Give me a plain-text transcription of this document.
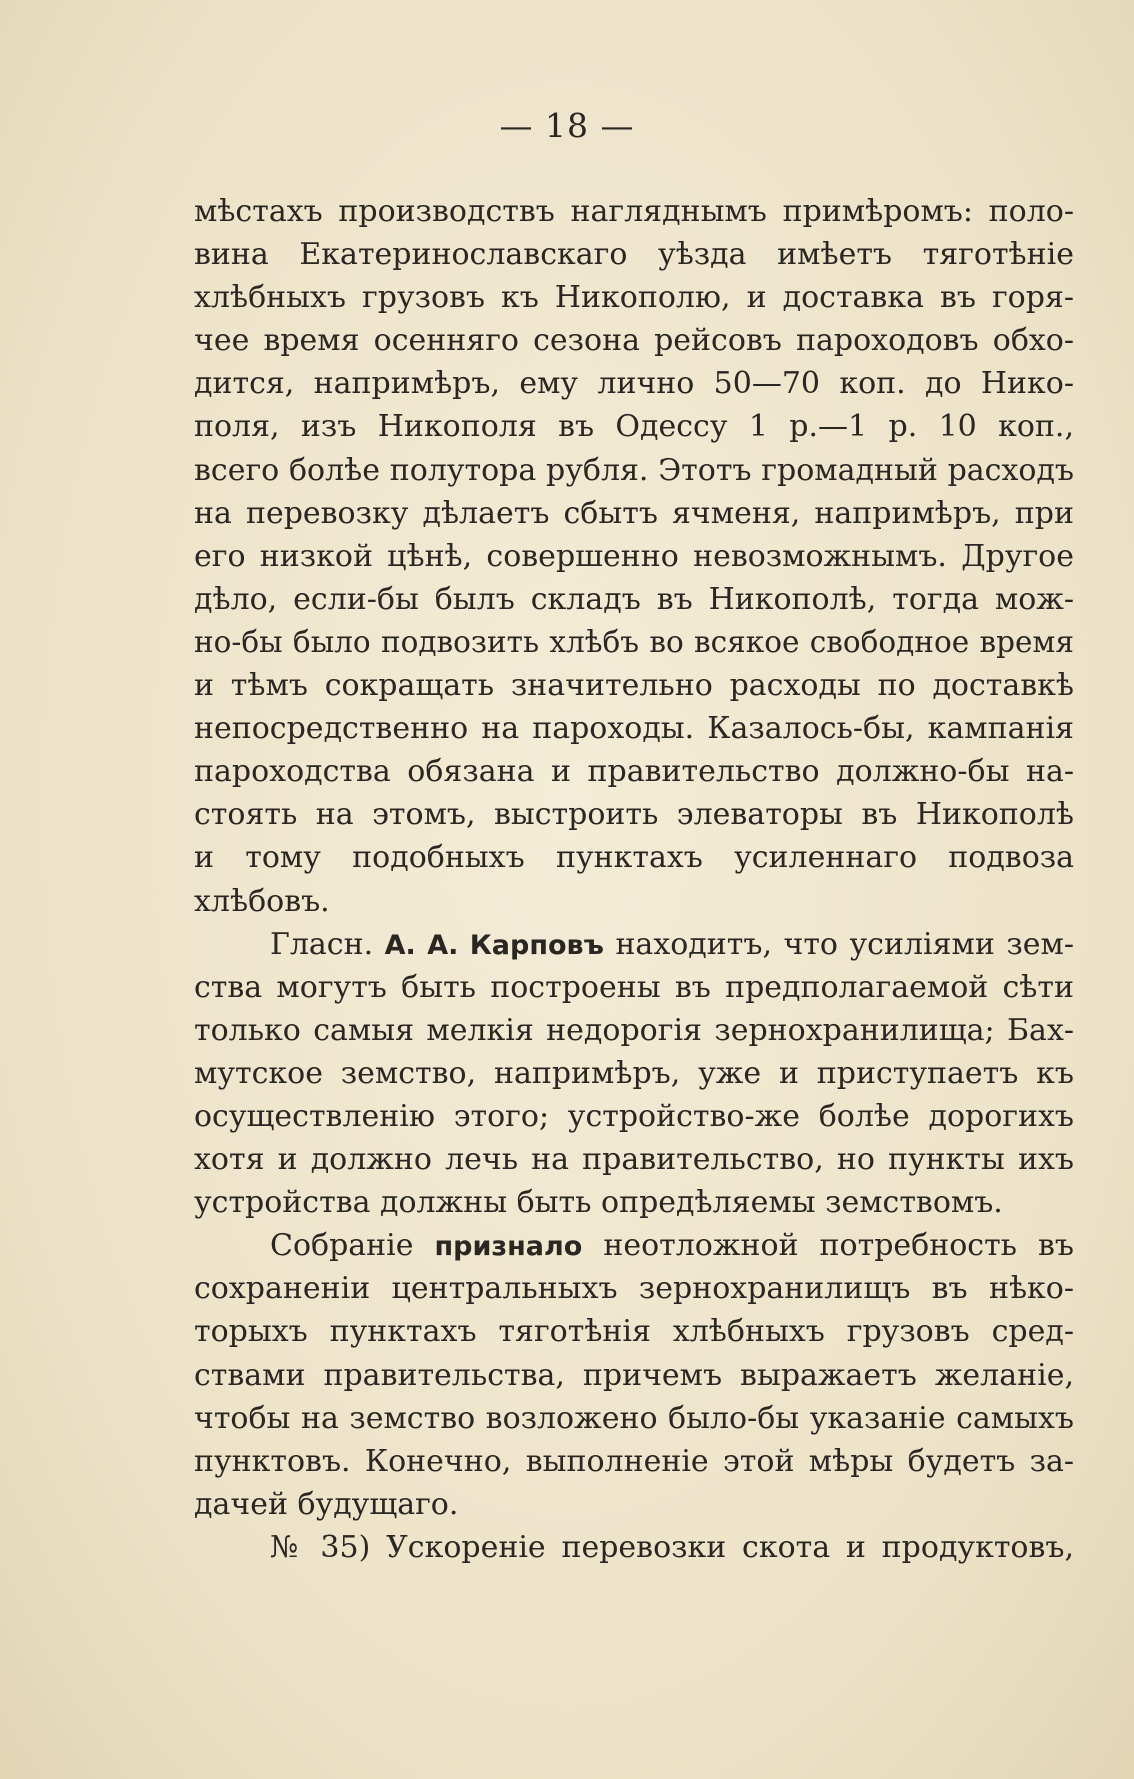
— 18 —
мѣстахъ производствъ нагляднымъ примѣромъ: поло-
вина Екатеринославскаго уѣзда имѣетъ тяготѣніе
хлѣбныхъ грузовъ къ Никополю, и доставка въ горя-
чее время осенняго сезона рейсовъ пароходовъ обхо-
дится, напримѣръ, ему лично 50—70 коп. до Нико-
поля, изъ Никополя въ Одессу 1 р.—1 р. 10 коп.,
всего болѣе полутора рубля. Этотъ громадный расходъ
на перевозку дѣлаетъ сбытъ ячменя, напримѣръ, при
его низкой цѣнѣ, совершенно невозможнымъ. Другое
дѣло, если-бы былъ складъ въ Никополѣ, тогда мож-
но-бы было подвозить хлѣбъ во всякое свободное время
и тѣмъ сокращать значительно расходы по доставкѣ
непосредственно на пароходы. Казалось-бы, кампанія
пароходства обязана и правительство должно-бы на-
стоять на этомъ, выстроить элеваторы въ Никополѣ
и тому подобныхъ пунктахъ усиленнаго подвоза
хлѣбовъ.
Гласн. А. А. Карповъ находитъ, что усиліями зем-
ства могутъ быть построены въ предполагаемой сѣти
только самыя мелкія недорогія зернохранилища; Бах-
мутское земство, напримѣръ, уже и приступаетъ къ
осуществленію этого; устройство-же болѣе дорогихъ
хотя и должно лечь на правительство, но пункты ихъ
устройства должны быть опредѣляемы земствомъ.
Собраніе признало неотложной потребность въ
сохраненіи центральныхъ зернохранилищъ въ нѣко-
торыхъ пунктахъ тяготѣнія хлѣбныхъ грузовъ сред-
ствами правительства, причемъ выражаетъ желаніе,
чтобы на земство возложено было-бы указаніе самыхъ
пунктовъ. Конечно, выполненіе этой мѣры будетъ за-
дачей будущаго.
№ 35) Ускореніе перевозки скота и продуктовъ,
